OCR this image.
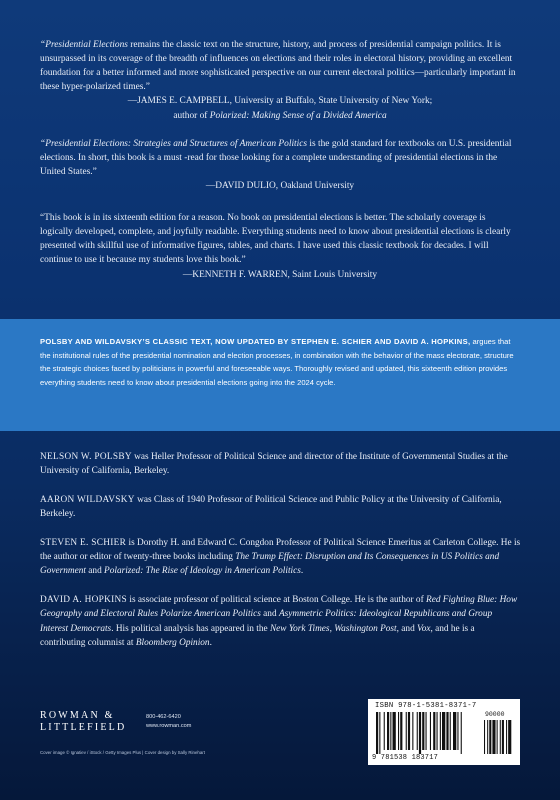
“Presidential Elections remains the classic text on the structure, history, and process of presidential campaign politics. It is unsurpassed in its coverage of the breadth of influences on elections and their roles in electoral history, providing an excellent foundation for a better informed and more sophisticated perspective on our current electoral politics—particularly important in these hyper-polarized times.”
—JAMES E. CAMPBELL, University at Buffalo, State University of New York;
author of Polarized: Making Sense of a Divided America

“Presidential Elections: Strategies and Structures of American Politics is the gold standard for textbooks on U.S. presidential elections. In short, this book is a must -read for those looking for a complete understanding of presidential elections in the United States.”
—DAVID DULIO, Oakland University

“This book is in its sixteenth edition for a reason. No book on presidential elections is better. The scholarly coverage is logically developed, complete, and joyfully readable. Everything students need to know about presidential elections is clearly presented with skillful use of informative figures, tables, and charts. I have used this classic textbook for decades. I will continue to use it because my students love this book.”
—KENNETH F. WARREN, Saint Louis University

POLSBY AND WILDAVSKY’S CLASSIC TEXT, NOW UPDATED BY STEPHEN E. SCHIER AND DAVID A. HOPKINS, argues that the institutional rules of the presidential nomination and election processes, in combination with the behavior of the mass electorate, structure the strategic choices faced by politicians in powerful and foreseeable ways. Thoroughly revised and updated, this sixteenth edition provides everything students need to know about presidential elections going into the 2024 cycle.

NELSON W. POLSBY was Heller Professor of Political Science and director of the Institute of Governmental Studies at the University of California, Berkeley.

AARON WILDAVSKY was Class of 1940 Professor of Political Science and Public Policy at the University of California, Berkeley.

STEVEN E. SCHIER is Dorothy H. and Edward C. Congdon Professor of Political Science Emeritus at Carleton College. He is the author or editor of twenty-three books including The Trump Effect: Disruption and Its Consequences in US Politics and Government and Polarized: The Rise of Ideology in American Politics.

DAVID A. HOPKINS is associate professor of political science at Boston College. He is the author of Red Fighting Blue: How Geography and Electoral Rules Polarize American Politics and Asymmetric Politics: Ideological Republicans and Group Interest Democrats. His political analysis has appeared in the New York Times, Washington Post, and Vox, and he is a contributing columnist at Bloomberg Opinion.

ROWMAN &
LITTLEFIELD
800-462-6420
www.rowman.com
Cover image © Ignatiev / iStock / Getty Images Plus | Cover design by Sally Rinehart
ISBN 978-1-5381-8371-7
90000
9 781538 183717
